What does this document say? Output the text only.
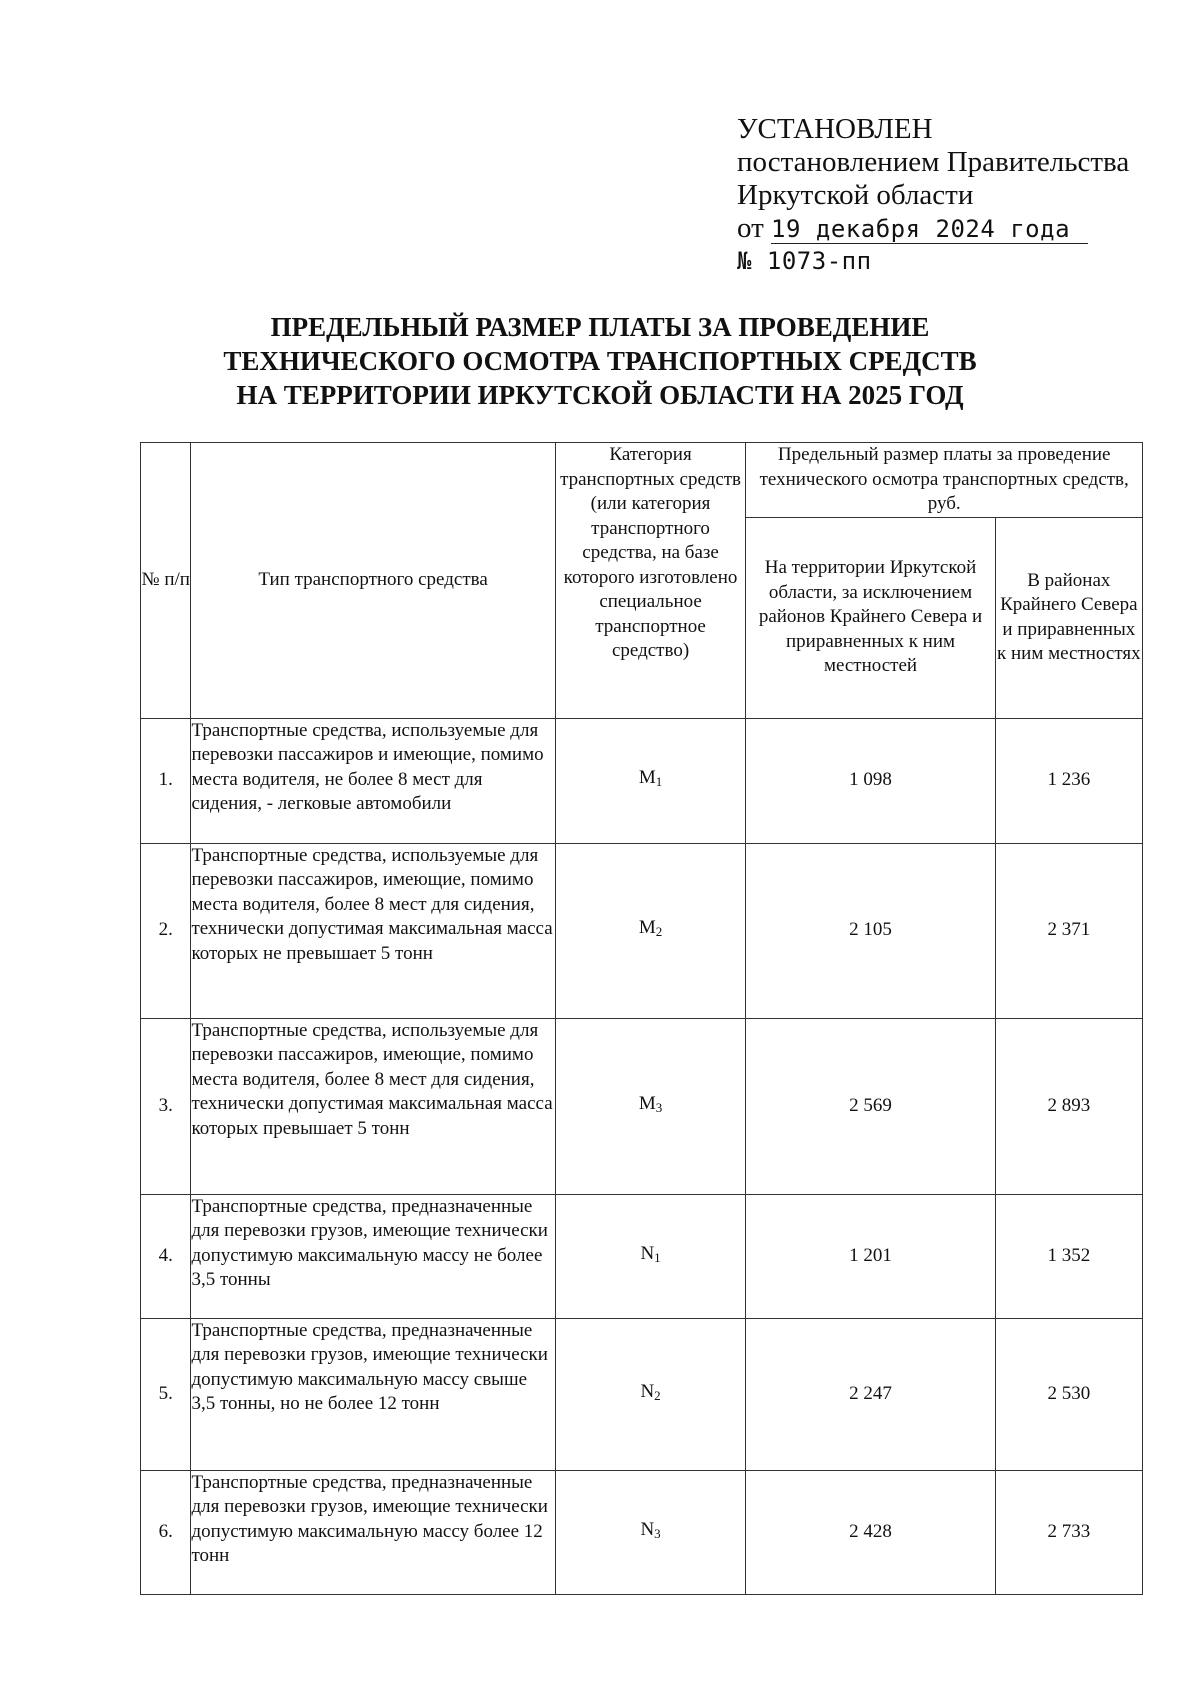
УСТАНОВЛЕН
постановлением Правительства
Иркутской области
от 19 декабря 2024 года
№ 1073-пп
ПРЕДЕЛЬНЫЙ РАЗМЕР ПЛАТЫ ЗА ПРОВЕДЕНИЕ
ТЕХНИЧЕСКОГО ОСМОТРА ТРАНСПОРТНЫХ СРЕДСТВ
НА ТЕРРИТОРИИ ИРКУТСКОЙ ОБЛАСТИ НА 2025 ГОД
№ п/п	Тип транспортного средства	Категория транспортных средств (или категория транспортного средства, на базе которого изготовлено специальное транспортное средство)	Предельный размер платы за проведение технического осмотра транспортных средств, руб.	
			На территории Иркутской области, за исключением районов Крайнего Севера и приравненных к ним местностей	В районах Крайнего Севера и приравненных к ним местностях
1.	Транспортные средства, используемые для перевозки пассажиров и имеющие, помимо места водителя, не более 8 мест для сидения, - легковые автомобили	$M_1$	1 098	1 236
2.	Транспортные средства, используемые для перевозки пассажиров, имеющие, помимо места водителя, более 8 мест для сидения, технически допустимая максимальная масса которых не превышает 5 тонн	$M_2$	2 105	2 371
3.	Транспортные средства, используемые для перевозки пассажиров, имеющие, помимо места водителя, более 8 мест для сидения, технически допустимая максимальная масса которых превышает 5 тонн	$M_3$	2 569	2 893
4.	Транспортные средства, предназначенные для перевозки грузов, имеющие технически допустимую максимальную массу не более 3,5 тонны	$N_1$	1 201	1 352
5.	Транспортные средства, предназначенные для перевозки грузов, имеющие технически допустимую максимальную массу свыше 3,5 тонны, но не более 12 тонн	$N_2$	2 247	2 530
6.	Транспортные средства, предназначенные для перевозки грузов, имеющие технически допустимую максимальную массу более 12 тонн	$N_3$	2 428	2 733
